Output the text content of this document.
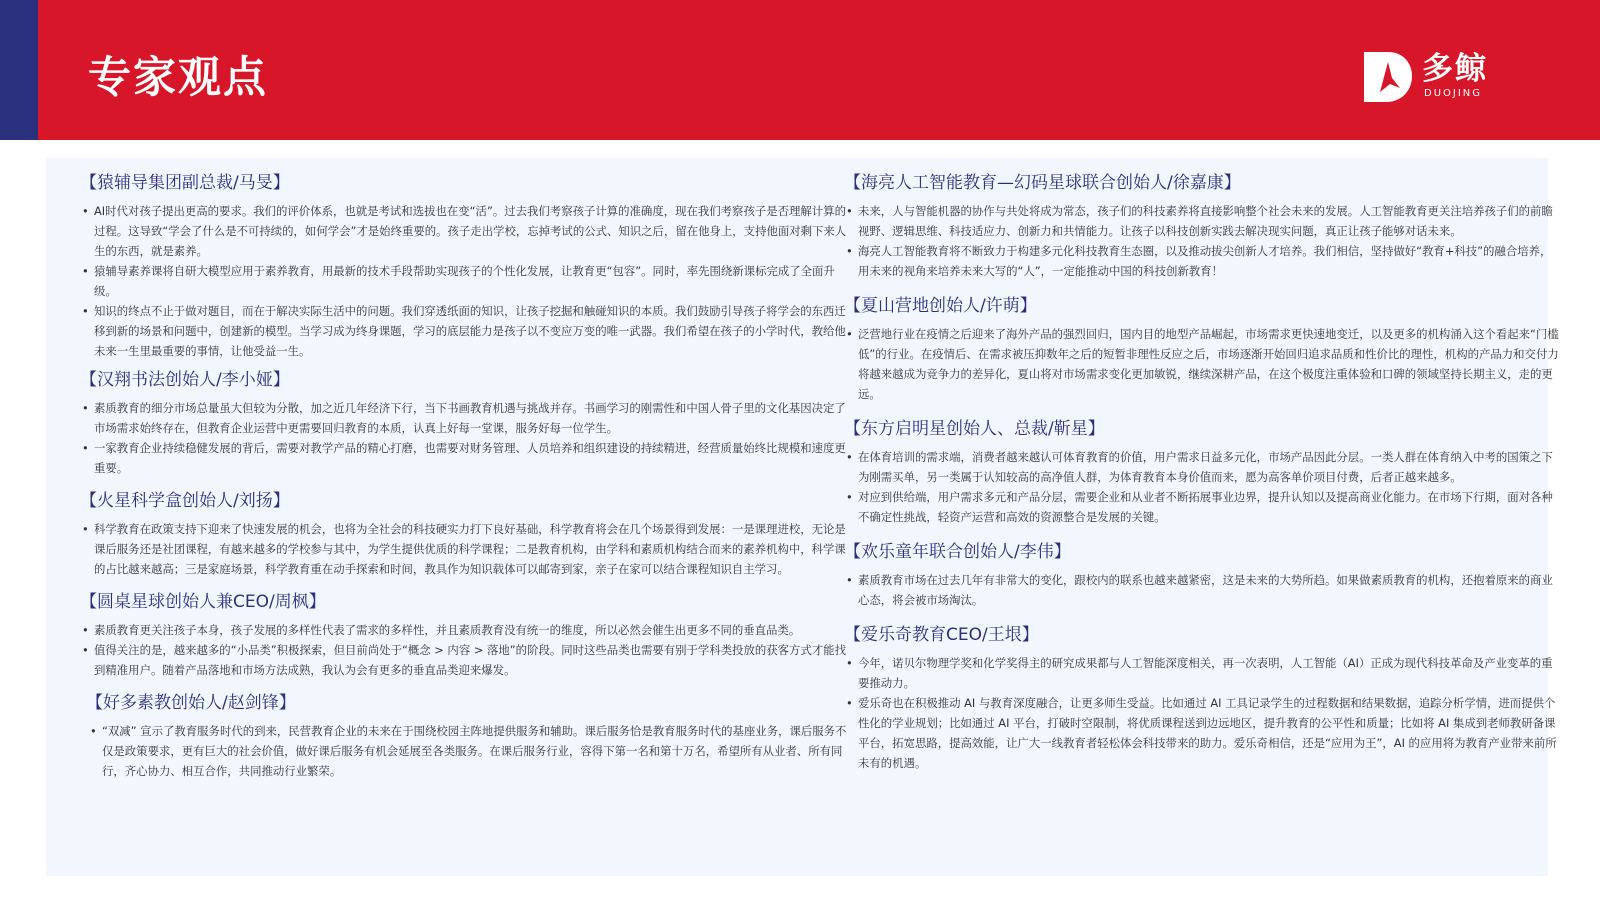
专家观点	多鲸
DUOJING
【猿辅导集团副总裁/马旻】
• AI时代对孩子提出更高的要求。我们的评价体系，也就是考试和选拔也在变“活”。过去我们考察孩子计算的准确度，现在我们考察孩子是否理解计算的过程。这导致“学会了什么是不可持续的，如何学会”才是始终重要的。孩子走出学校，忘掉考试的公式、知识之后，留在他身上，支持他面对剩下来人生的东西，就是素养。
• 猿辅导素养课将自研大模型应用于素养教育，用最新的技术手段帮助实现孩子的个性化发展，让教育更“包容”。同时，率先围绕新课标完成了全面升级。
• 知识的终点不止于做对题目，而在于解决实际生活中的问题。我们穿透纸面的知识，让孩子挖掘和触碰知识的本质。我们鼓励引导孩子将学会的东西迁移到新的场景和问题中，创建新的模型。当学习成为终身课题，学习的底层能力是孩子以不变应万变的唯一武器。我们希望在孩子的小学时代，教给他未来一生里最重要的事情，让他受益一生。
【汉翔书法创始人/李小娅】
• 素质教育的细分市场总量虽大但较为分散，加之近几年经济下行，当下书画教育机遇与挑战并存。书画学习的刚需性和中国人骨子里的文化基因决定了市场需求始终存在，但教育企业运营中更需要回归教育的本质，认真上好每一堂课，服务好每一位学生。
• 一家教育企业持续稳健发展的背后，需要对教学产品的精心打磨，也需要对财务管理、人员培养和组织建设的持续精进，经营质量始终比规模和速度更重要。
【火星科学盒创始人/刘扬】
• 科学教育在政策支持下迎来了快速发展的机会，也将为全社会的科技硬实力打下良好基础，科学教育将会在几个场景得到发展：一是课理进校，无论是课后服务还是社团课程，有越来越多的学校参与其中，为学生提供优质的科学课程；二是教育机构，由学科和素质机构结合而来的素养机构中，科学课的占比越来越高；三是家庭场景，科学教育重在动手探索和时间，教具作为知识载体可以邮寄到家，亲子在家可以结合课程知识自主学习。
【圆桌星球创始人兼CEO/周枫】
• 素质教育更关注孩子本身，孩子发展的多样性代表了需求的多样性，并且素质教育没有统一的维度，所以必然会催生出更多不同的垂直品类。
• 值得关注的是，越来越多的“小品类”积极探索，但目前尚处于“概念 > 内容 > 落地”的阶段。同时这些品类也需要有别于学科类投放的获客方式才能找到精准用户。随着产品落地和市场方法成熟，我认为会有更多的垂直品类迎来爆发。
【好多素教创始人/赵剑锋】
• “双减” 宣示了教育服务时代的到来，民营教育企业的未来在于围绕校园主阵地提供服务和辅助。课后服务恰是教育服务时代的基座业务，课后服务不仅是政策要求，更有巨大的社会价值，做好课后服务有机会延展至各类服务。在课后服务行业，容得下第一名和第十万名，希望所有从业者、所有同行，齐心协力、相互合作，共同推动行业繁荣。
【海亮人工智能教育—幻码星球联合创始人/徐嘉康】
• 未来，人与智能机器的协作与共处将成为常态，孩子们的科技素养将直接影响整个社会未来的发展。人工智能教育更关注培养孩子们的前瞻视野、逻辑思维、科技适应力、创新力和共情能力。让孩子以科技创新实践去解决现实问题，真正让孩子能够对话未来。
• 海亮人工智能教育将不断致力于构建多元化科技教育生态圈，以及推动拔尖创新人才培养。我们相信，坚持做好“教育+科技”的融合培养，用未来的视角来培养未来大写的“人”，一定能推动中国的科技创新教育！
【夏山营地创始人/许萌】
• 泛营地行业在疫情之后迎来了海外产品的强烈回归，国内目的地型产品崛起，市场需求更快速地变迁，以及更多的机构涌入这个看起来“门槛低”的行业。在疫情后、在需求被压抑数年之后的短暂非理性反应之后，市场逐渐开始回归追求品质和性价比的理性，机构的产品力和交付力将越来越成为竞争力的差异化，夏山将对市场需求变化更加敏锐，继续深耕产品，在这个极度注重体验和口碑的领域坚持长期主义，走的更远。
【东方启明星创始人、总裁/靳星】
• 在体育培训的需求端，消费者越来越认可体育教育的价值，用户需求日益多元化，市场产品因此分层。一类人群在体育纳入中考的国策之下为刚需买单，另一类属于认知较高的高净值人群，为体育教育本身价值而来，愿为高客单价项目付费，后者正越来越多。
• 对应到供给端，用户需求多元和产品分层，需要企业和从业者不断拓展事业边界，提升认知以及提高商业化能力。在市场下行期，面对各种不确定性挑战，轻资产运营和高效的资源整合是发展的关键。
【欢乐童年联合创始人/李伟】
• 素质教育市场在过去几年有非常大的变化，跟校内的联系也越来越紧密，这是未来的大势所趋。如果做素质教育的机构，还抱着原来的商业心态，将会被市场淘汰。
【爱乐奇教育CEO/王垠】
• 今年，诺贝尔物理学奖和化学奖得主的研究成果都与人工智能深度相关，再一次表明，人工智能（AI）正成为现代科技革命及产业变革的重要推动力。
• 爱乐奇也在积极推动 AI 与教育深度融合，让更多师生受益。比如通过 AI 工具记录学生的过程数据和结果数据，追踪分析学情，进而提供个性化的学业规划；比如通过 AI 平台，打破时空限制，将优质课程送到边远地区，提升教育的公平性和质量；比如将 AI 集成到老师教研备课平台，拓宽思路，提高效能，让广大一线教育者轻松体会科技带来的助力。爱乐奇相信，还是“应用为王”，AI 的应用将为教育产业带来前所未有的机遇。
